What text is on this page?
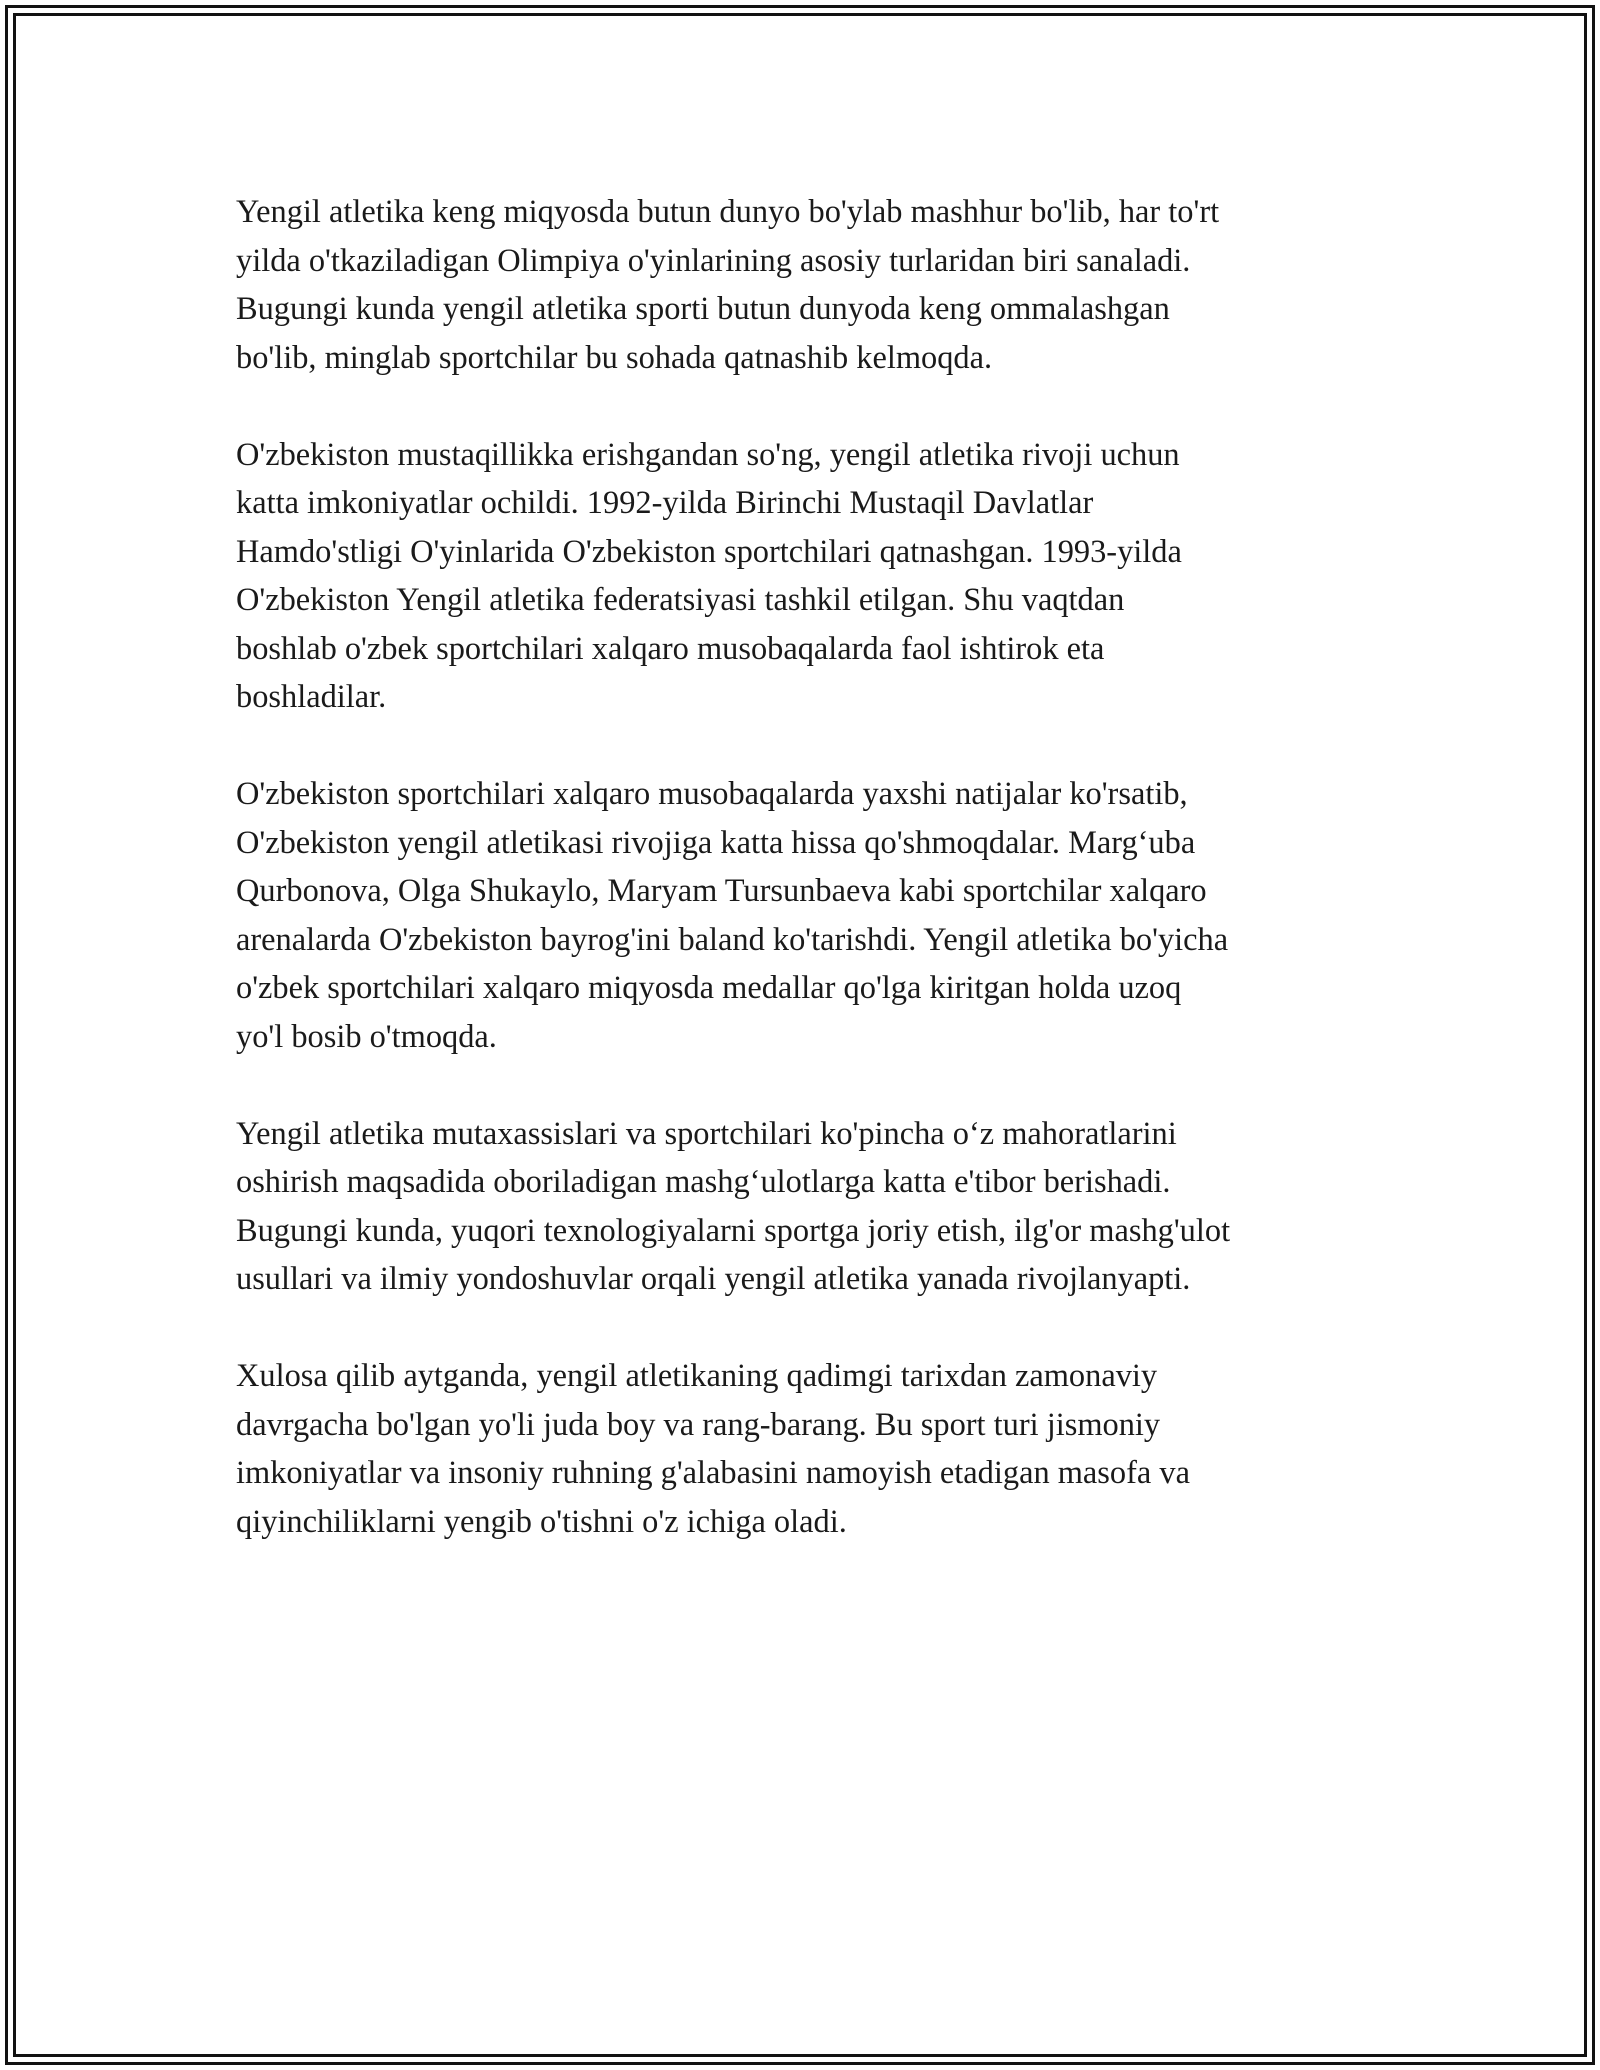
Yengil atletika keng miqyosda butun dunyo bo'ylab mashhur bo'lib, har to'rt
yilda o'tkaziladigan Olimpiya o'yinlarining asosiy turlaridan biri sanaladi.
Bugungi kunda yengil atletika sporti butun dunyoda keng ommalashgan
bo'lib, minglab sportchilar bu sohada qatnashib kelmoqda.

O'zbekiston mustaqillikka erishgandan so'ng, yengil atletika rivoji uchun
katta imkoniyatlar ochildi. 1992-yilda Birinchi Mustaqil Davlatlar
Hamdo'stligi O'yinlarida O'zbekiston sportchilari qatnashgan. 1993-yilda
O'zbekiston Yengil atletika federatsiyasi tashkil etilgan. Shu vaqtdan
boshlab o'zbek sportchilari xalqaro musobaqalarda faol ishtirok eta
boshladilar.

O'zbekiston sportchilari xalqaro musobaqalarda yaxshi natijalar ko'rsatib,
O'zbekiston yengil atletikasi rivojiga katta hissa qo'shmoqdalar. Marg‘uba
Qurbonova, Olga Shukaylo, Maryam Tursunbaeva kabi sportchilar xalqaro
arenalarda O'zbekiston bayrog'ini baland ko'tarishdi. Yengil atletika bo'yicha
o'zbek sportchilari xalqaro miqyosda medallar qo'lga kiritgan holda uzoq
yo'l bosib o'tmoqda.

Yengil atletika mutaxassislari va sportchilari ko'pincha o‘z mahoratlarini
oshirish maqsadida oboriladigan mashg‘ulotlarga katta e'tibor berishadi.
Bugungi kunda, yuqori texnologiyalarni sportga joriy etish, ilg'or mashg'ulot
usullari va ilmiy yondoshuvlar orqali yengil atletika yanada rivojlanyapti.

Xulosa qilib aytganda, yengil atletikaning qadimgi tarixdan zamonaviy
davrgacha bo'lgan yo'li juda boy va rang-barang. Bu sport turi jismoniy
imkoniyatlar va insoniy ruhning g'alabasini namoyish etadigan masofa va
qiyinchiliklarni yengib o'tishni o'z ichiga oladi.
